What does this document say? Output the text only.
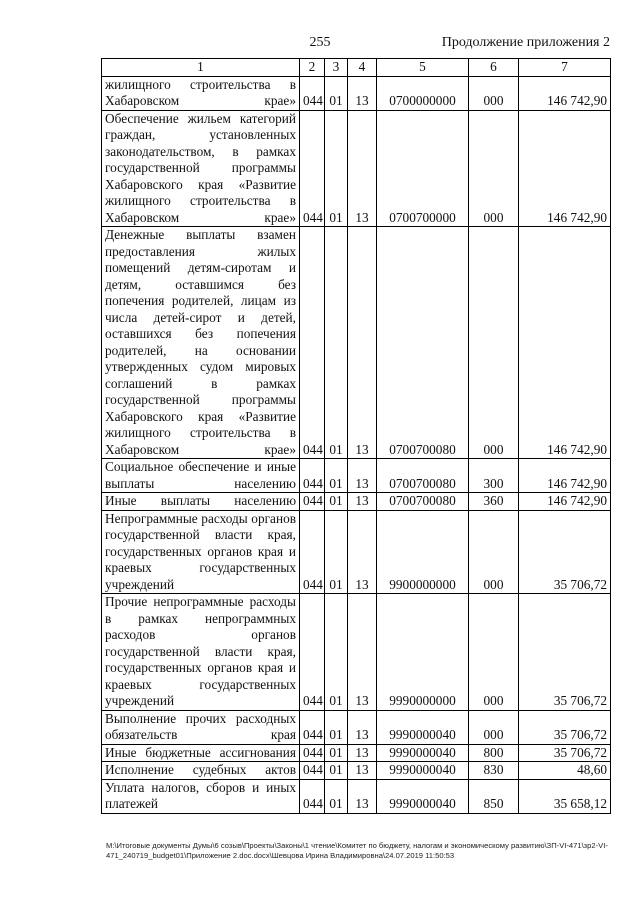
255	Продолжение приложения 2
1	2	3	4	5	6	7
жилищного строительства в Хабаровском крае»	044	01	13	0700000000	000	146 742,90
Обеспечение жильем категорий граждан, установленных законодательством, в рамках государственной программы Хабаровского края «Развитие жилищного строительства в Хабаровском крае»	044	01	13	0700700000	000	146 742,90
Денежные выплаты взамен предоставления жилых помещений детям-сиротам и детям, оставшимся без попечения родителей, лицам из числа детей-сирот и детей, оставшихся без попечения родителей, на основании утвержденных судом мировых соглашений в рамках государственной программы Хабаровского края «Развитие жилищного строительства в Хабаровском крае»	044	01	13	0700700080	000	146 742,90
Социальное обеспечение и иные выплаты населению	044	01	13	0700700080	300	146 742,90
Иные выплаты населению	044	01	13	0700700080	360	146 742,90
Непрограммные расходы органов государственной власти края, государственных органов края и краевых государственных учреждений	044	01	13	9900000000	000	35 706,72
Прочие непрограммные расходы в рамках непрограммных расходов органов государственной власти края, государственных органов края и краевых государственных учреждений	044	01	13	9990000000	000	35 706,72
Выполнение прочих расходных обязательств края	044	01	13	9990000040	000	35 706,72
Иные бюджетные ассигнования	044	01	13	9990000040	800	35 706,72
Исполнение судебных актов	044	01	13	9990000040	830	48,60
Уплата налогов, сборов и иных платежей	044	01	13	9990000040	850	35 658,12
М:\Итоговые документы Думы\6 созыв\Проекты\Законы\1 чтение\Комитет по бюджету, налогам и экономическому развитию\ЗП-VI-471\зр2-VI-471_240719_budget01\Приложение 2.doc.docx\Шевцова Ирина Владимировна\24.07.2019 11:50:53
